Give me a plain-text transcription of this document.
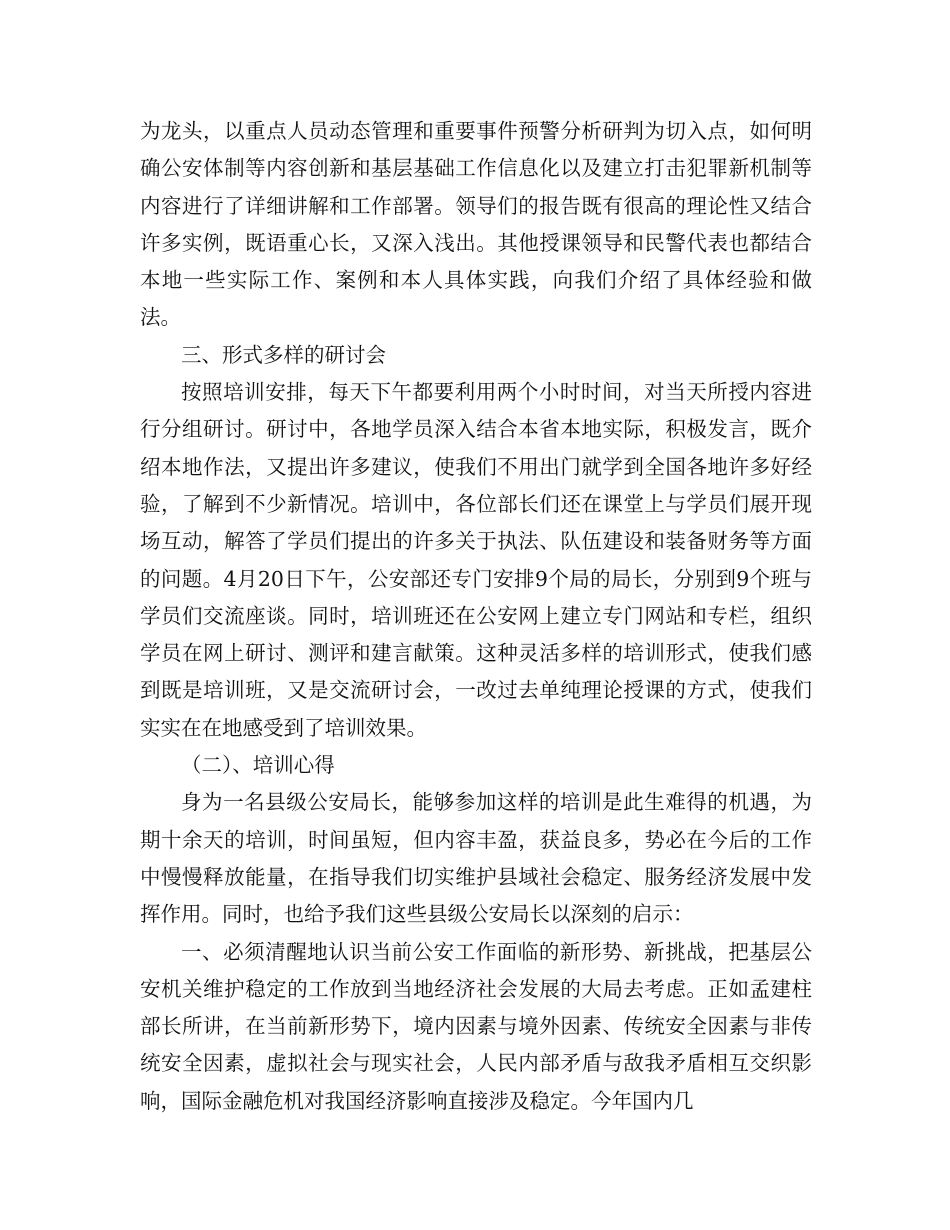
为龙头，以重点人员动态管理和重要事件预警分析研判为切入点，如何明确公安体制等内容创新和基层基础工作信息化以及建立打击犯罪新机制等内容进行了详细讲解和工作部署。领导们的报告既有很高的理论性又结合许多实例，既语重心长，又深入浅出。其他授课领导和民警代表也都结合本地一些实际工作、案例和本人具体实践，向我们介绍了具体经验和做法。

三、形式多样的研讨会

按照培训安排，每天下午都要利用两个小时时间，对当天所授内容进行分组研讨。研讨中，各地学员深入结合本省本地实际，积极发言，既介绍本地作法，又提出许多建议，使我们不用出门就学到全国各地许多好经验，了解到不少新情况。培训中，各位部长们还在课堂上与学员们展开现场互动，解答了学员们提出的许多关于执法、队伍建设和装备财务等方面的问题。4月20日下午，公安部还专门安排9个局的局长，分别到9个班与学员们交流座谈。同时，培训班还在公安网上建立专门网站和专栏，组织学员在网上研讨、测评和建言献策。这种灵活多样的培训形式，使我们感到既是培训班，又是交流研讨会，一改过去单纯理论授课的方式，使我们实实在在地感受到了培训效果。

（二）、培训心得

身为一名县级公安局长，能够参加这样的培训是此生难得的机遇，为期十余天的培训，时间虽短，但内容丰盈，获益良多，势必在今后的工作中慢慢释放能量，在指导我们切实维护县域社会稳定、服务经济发展中发挥作用。同时，也给予我们这些县级公安局长以深刻的启示：

一、必须清醒地认识当前公安工作面临的新形势、新挑战，把基层公安机关维护稳定的工作放到当地经济社会发展的大局去考虑。正如孟建柱部长所讲，在当前新形势下，境内因素与境外因素、传统安全因素与非传统安全因素，虚拟社会与现实社会，人民内部矛盾与敌我矛盾相互交织影响，国际金融危机对我国经济影响直接涉及稳定。今年国内几
